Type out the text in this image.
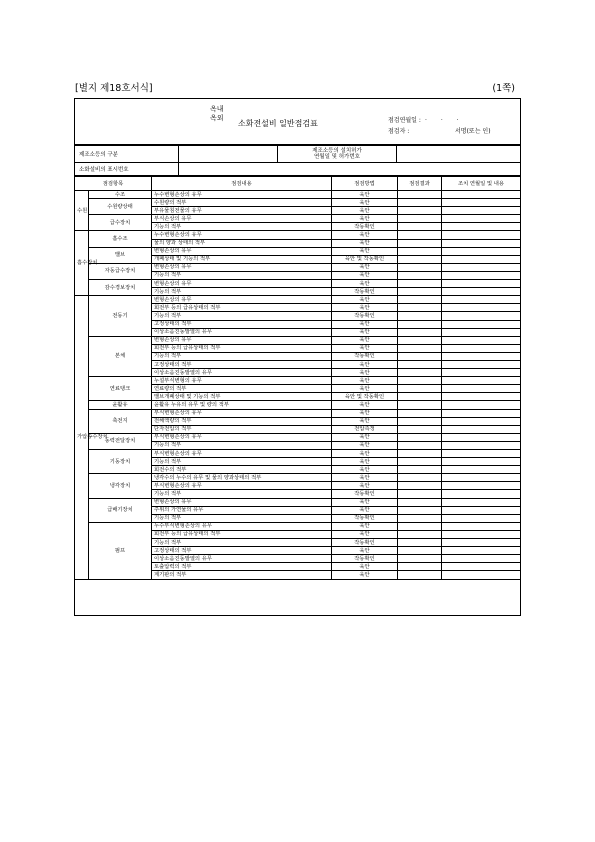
[별지 제18호서식]	(1쪽)
옥내
옥외
소화전설비 일반점검표	점검연월일 : . . .
점검자 :	서명(또는 인)
제조소등의 구분		제조소등의 설치허가
연월일 및 허가번호	
소화설비의 표시번호			
점검항목		점검내용	점검방법	점검결과	조치 연월일 및 내용
수원	수조	누수변형손상의 유무	육안		
	수원량상태	수원량의 적부	육안		
		부유물침전물의 유무	육안		
	급수장치	부식손상의 유무	육안		
		기능의 적부	작동확인		
흡수장치	흡수조	누수변형손상의 유무	육안		
		물의 양과 상태의 적부	육안		
	밸브	변형손상의 유무	육안		
		개폐상태 및 기능의 적부	육안 및 작동확인		
	자동급수장치	변형손상의 유무	육안		
		기능의 적부	육안		
	감수경보장치	변형손상의 유무	육안		
		기능의 적부	작동확인		
가압송수장치	전동기	변형손상의 유무	육안		
		회전부 등의 급유상태의 적부	육안		
		기능의 적부	작동확인		
		고정상태의 적부	육안		
		이상소음진동발열의 유무	육안		
	본체	변형손상의 유무	육안		
		회전부 등의 급유상태의 적부	육안		
		기능의 적부	작동확인		
		고정상태의 적부	육안		
		이상소음진동발열의 유무	육안		
	연료탱크	누설부식변형의 유무	육안		
		연료량의 적부	육안		
		밸브개폐상태 및 기능의 적부	육안 및 작동확인		
	윤활유	윤활유 누유의 유무 및 량의 적부	육안		
	축전지	부식변형손상의 유무	육안		
		전해액량의 적부	육안		
		단자전압의 적부	전압측정		
	동력전달장치	부식변형손상의 유무	육안		
		기능의 적부	육안		
	기동장치	부식변형손상의 유무	육안		
		기능의 적부	육안		
		회전수의 적부	육안		
	냉각장치	냉각수의 누수의 유무 및 물의 양과상태의 적부	육안		
		부식변형손상의 유무	육안		
		기능의 적부	작동확인		
	급배기장치	변형손상의 유무	육안		
		주위의 가연물의 유무	육안		
		기능의 적부	작동확인		
	펌프	누수부식변형손상의 유무	육안		
		회전부 등의 급유상태의 적부	육안		
		기능의 적부	작동확인		
		고정상태의 적부	육안		
		이상소음진동발열의 유무	작동확인		
		토출압력의 적부	육안		
		계기판의 적부	육안		
